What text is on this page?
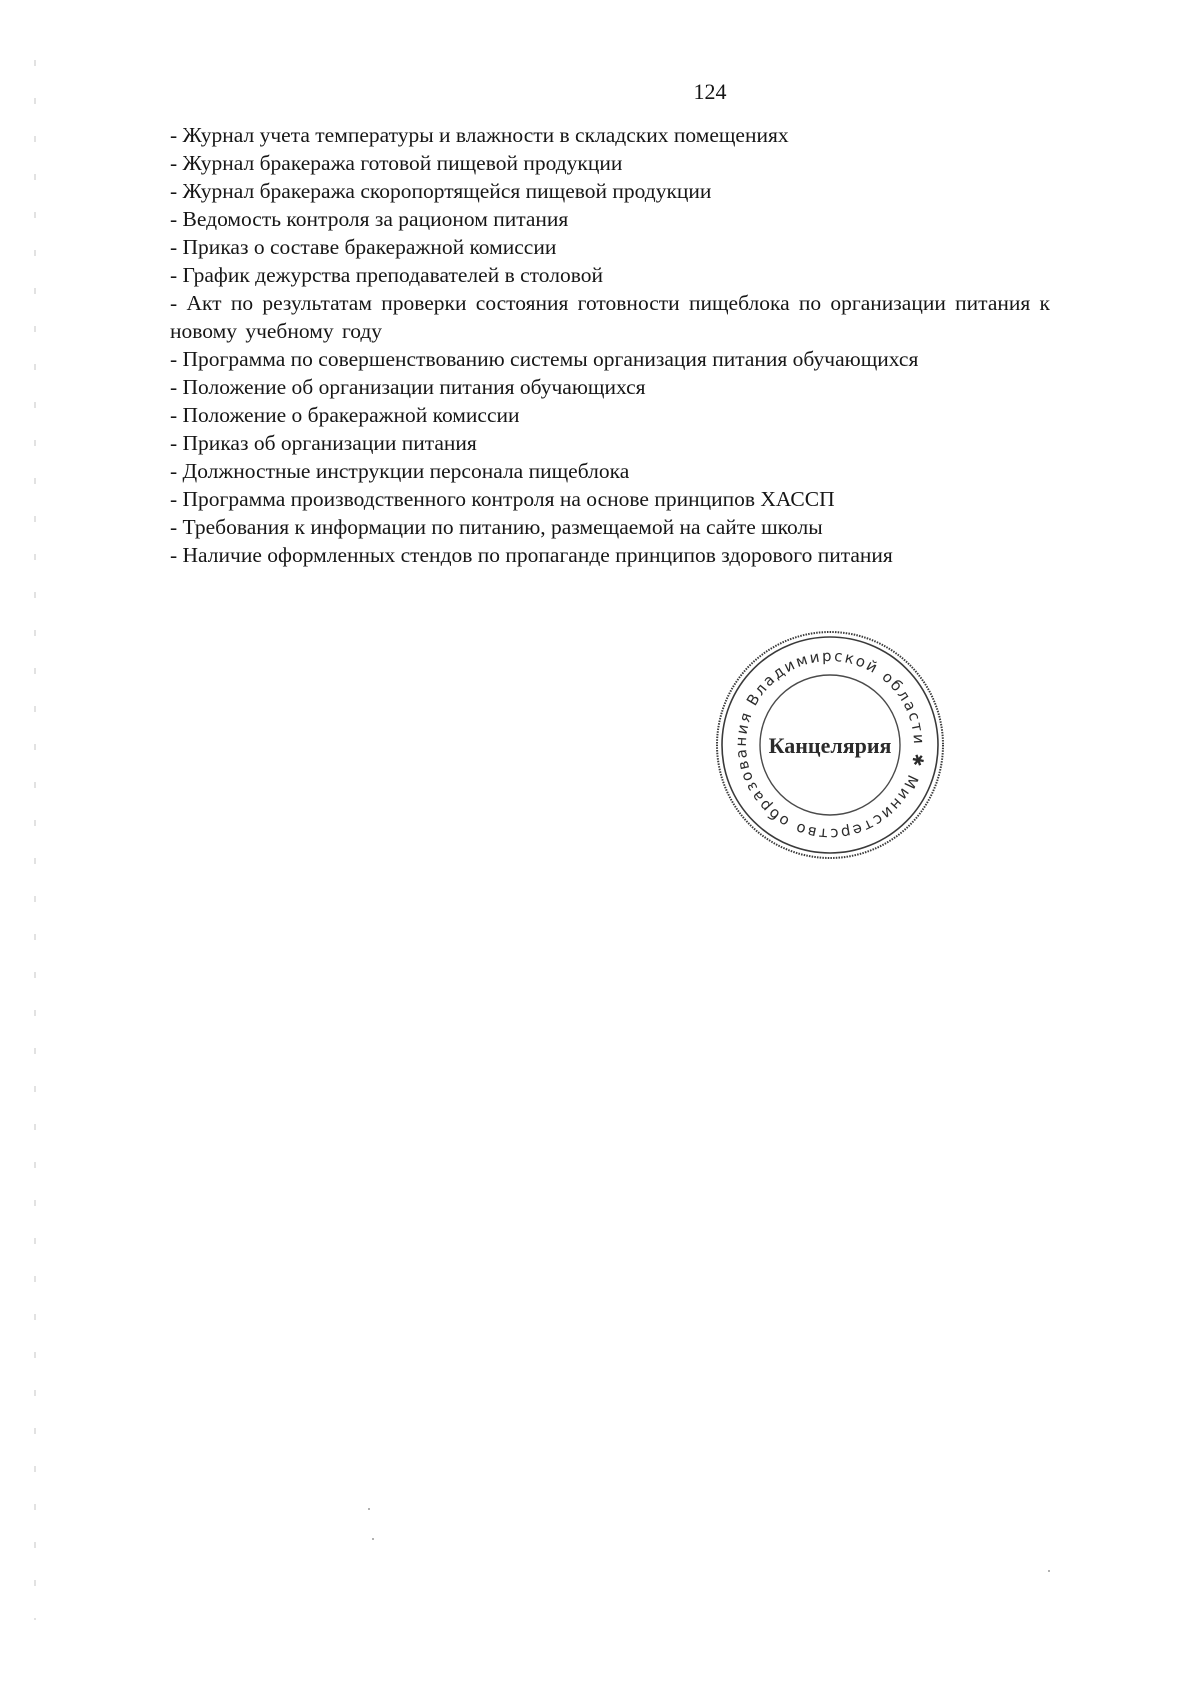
124
- Журнал учета температуры и влажности в складских помещениях
- Журнал бракеража готовой пищевой продукции
- Журнал бракеража скоропортящейся пищевой продукции
- Ведомость контроля за рационом питания
- Приказ о составе бракеражной комиссии
- График дежурства преподавателей в столовой
- Акт по результатам проверки состояния готовности пищеблока по организации питания к новому учебному году
- Программа по совершенствованию системы организация питания обучающихся
- Положение об организации питания обучающихся
- Положение о бракеражной комиссии
- Приказ об организации питания
- Должностные инструкции персонала пищеблока
- Программа производственного контроля на основе принципов ХАССП
- Требования к информации по питанию, размещаемой на сайте школы
- Наличие оформленных стендов по пропаганде принципов здорового питания
Министерство образования Владимирской области ✱
Канцелярия
